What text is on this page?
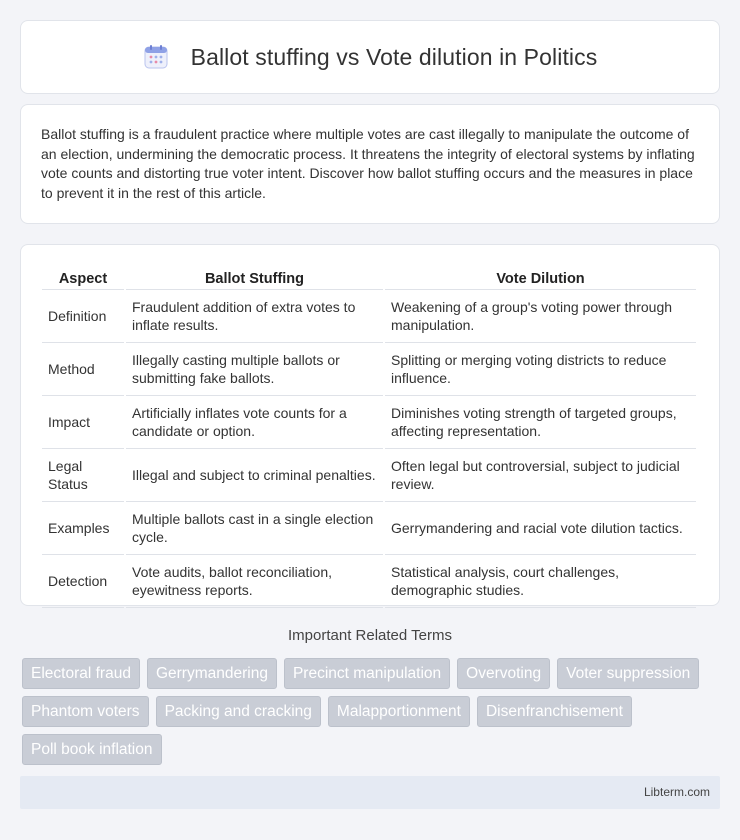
Ballot stuffing vs Vote dilution in Politics

Ballot stuffing is a fraudulent practice where multiple votes are cast illegally to manipulate the outcome of an election, undermining the democratic process. It threatens the integrity of electoral systems by inflating vote counts and distorting true voter intent. Discover how ballot stuffing occurs and the measures in place to prevent it in the rest of this article.

Aspect	Ballot Stuffing	Vote Dilution
Definition	Fraudulent addition of extra votes to inflate results.	Weakening of a group's voting power through manipulation.
Method	Illegally casting multiple ballots or submitting fake ballots.	Splitting or merging voting districts to reduce influence.
Impact	Artificially inflates vote counts for a candidate or option.	Diminishes voting strength of targeted groups, affecting representation.
Legal Status	Illegal and subject to criminal penalties.	Often legal but controversial, subject to judicial review.
Examples	Multiple ballots cast in a single election cycle.	Gerrymandering and racial vote dilution tactics.
Detection	Vote audits, ballot reconciliation, eyewitness reports.	Statistical analysis, court challenges, demographic studies.
Important Related Terms
Electoral fraud	Gerrymandering	Precinct manipulation	Overvoting	Voter suppression
Phantom voters	Packing and cracking	Malapportionment	Disenfranchisement
Poll book inflation
Libterm.com
